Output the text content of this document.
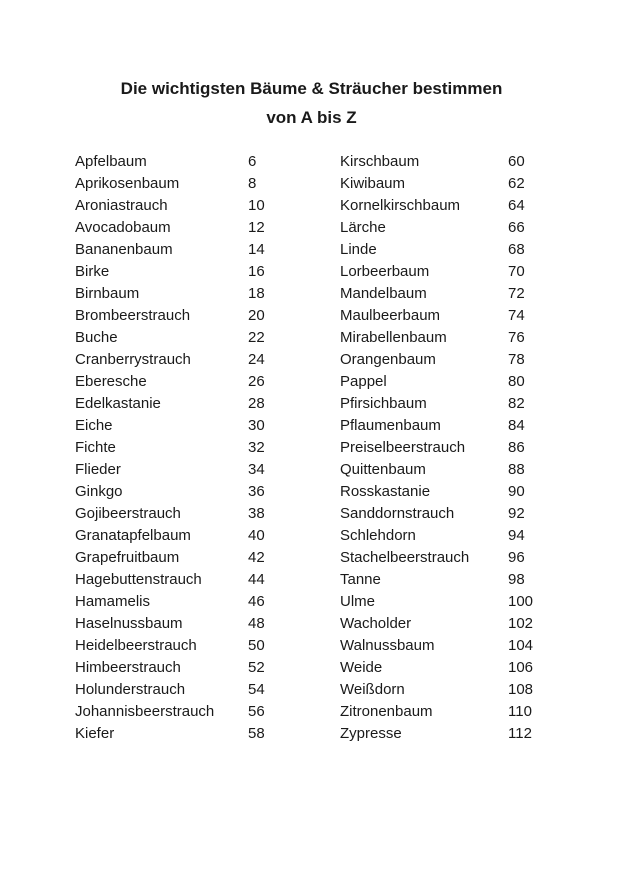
Die wichtigsten Bäume & Sträucher bestimmen
von A bis Z
Apfelbaum	6
Aprikosenbaum	8
Aroniastrauch	10
Avocadobaum	12
Bananenbaum	14
Birke	16
Birnbaum	18
Brombeerstrauch	20
Buche	22
Cranberrystrauch	24
Eberesche	26
Edelkastanie	28
Eiche	30
Fichte	32
Flieder	34
Ginkgo	36
Gojibeerstrauch	38
Granatapfelbaum	40
Grapefruitbaum	42
Hagebuttenstrauch	44
Hamamelis	46
Haselnussbaum	48
Heidelbeerstrauch	50
Himbeerstrauch	52
Holunderstrauch	54
Johannisbeerstrauch	56
Kiefer	58
Kirschbaum	60
Kiwibaum	62
Kornelkirschbaum	64
Lärche	66
Linde	68
Lorbeerbaum	70
Mandelbaum	72
Maulbeerbaum	74
Mirabellenbaum	76
Orangenbaum	78
Pappel	80
Pfirsichbaum	82
Pflaumenbaum	84
Preiselbeerstrauch	86
Quittenbaum	88
Rosskastanie	90
Sanddornstrauch	92
Schlehdorn	94
Stachelbeerstrauch	96
Tanne	98
Ulme	100
Wacholder	102
Walnussbaum	104
Weide	106
Weißdorn	108
Zitronenbaum	110
Zypresse	112
